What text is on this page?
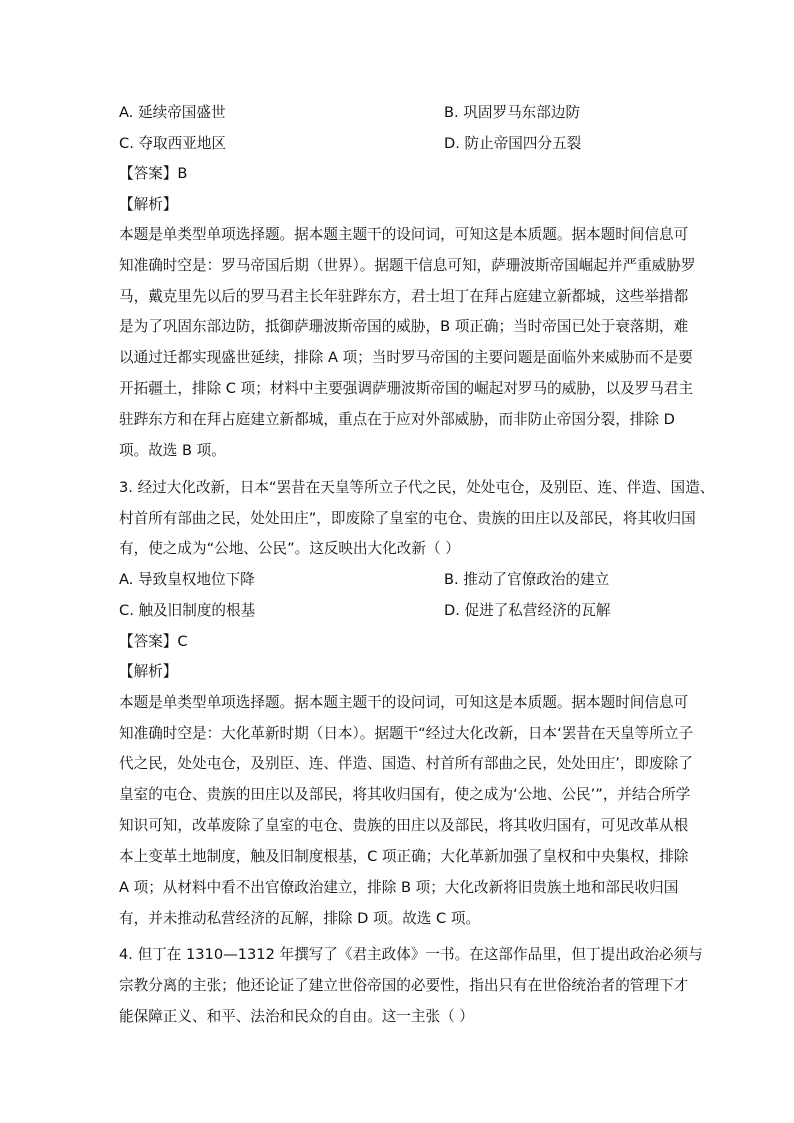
A. 延续帝国盛世	B. 巩固罗马东部边防
C. 夺取西亚地区	D. 防止帝国四分五裂
【答案】B
【解析】
本题是单类型单项选择题。据本题主题干的设问词，可知这是本质题。据本题时间信息可
知准确时空是：罗马帝国后期（世界）。据题干信息可知，萨珊波斯帝国崛起并严重威胁罗
马，戴克里先以后的罗马君主长年驻跸东方，君士坦丁在拜占庭建立新都城，这些举措都
是为了巩固东部边防，抵御萨珊波斯帝国的威胁，B 项正确；当时帝国已处于衰落期，难
以通过迁都实现盛世延续，排除 A 项；当时罗马帝国的主要问题是面临外来威胁而不是要
开拓疆土，排除 C 项；材料中主要强调萨珊波斯帝国的崛起对罗马的威胁，以及罗马君主
驻跸东方和在拜占庭建立新都城，重点在于应对外部威胁，而非防止帝国分裂，排除 D
项。故选 B 项。
3. 经过大化改新，日本“罢昔在天皇等所立子代之民，处处屯仓，及别臣、连、伴造、国造、
村首所有部曲之民，处处田庄”，即废除了皇室的屯仓、贵族的田庄以及部民，将其收归国
有，使之成为“公地、公民”。这反映出大化改新（ ）
A. 导致皇权地位下降	B. 推动了官僚政治的建立
C. 触及旧制度的根基	D. 促进了私营经济的瓦解
【答案】C
【解析】
本题是单类型单项选择题。据本题主题干的设问词，可知这是本质题。据本题时间信息可
知准确时空是：大化革新时期（日本）。据题干“经过大化改新，日本‘罢昔在天皇等所立子
代之民，处处屯仓，及别臣、连、伴造、国造、村首所有部曲之民，处处田庄’，即废除了
皇室的屯仓、贵族的田庄以及部民，将其收归国有，使之成为‘公地、公民’”，并结合所学
知识可知，改革废除了皇室的屯仓、贵族的田庄以及部民，将其收归国有，可见改革从根
本上变革土地制度，触及旧制度根基，C 项正确；大化革新加强了皇权和中央集权，排除
A 项；从材料中看不出官僚政治建立，排除 B 项；大化改新将旧贵族土地和部民收归国
有，并未推动私营经济的瓦解，排除 D 项。故选 C 项。
4. 但丁在 1310—1312 年撰写了《君主政体》一书。在这部作品里，但丁提出政治必须与
宗教分离的主张；他还论证了建立世俗帝国的必要性，指出只有在世俗统治者的管理下才
能保障正义、和平、法治和民众的自由。这一主张（ ）
